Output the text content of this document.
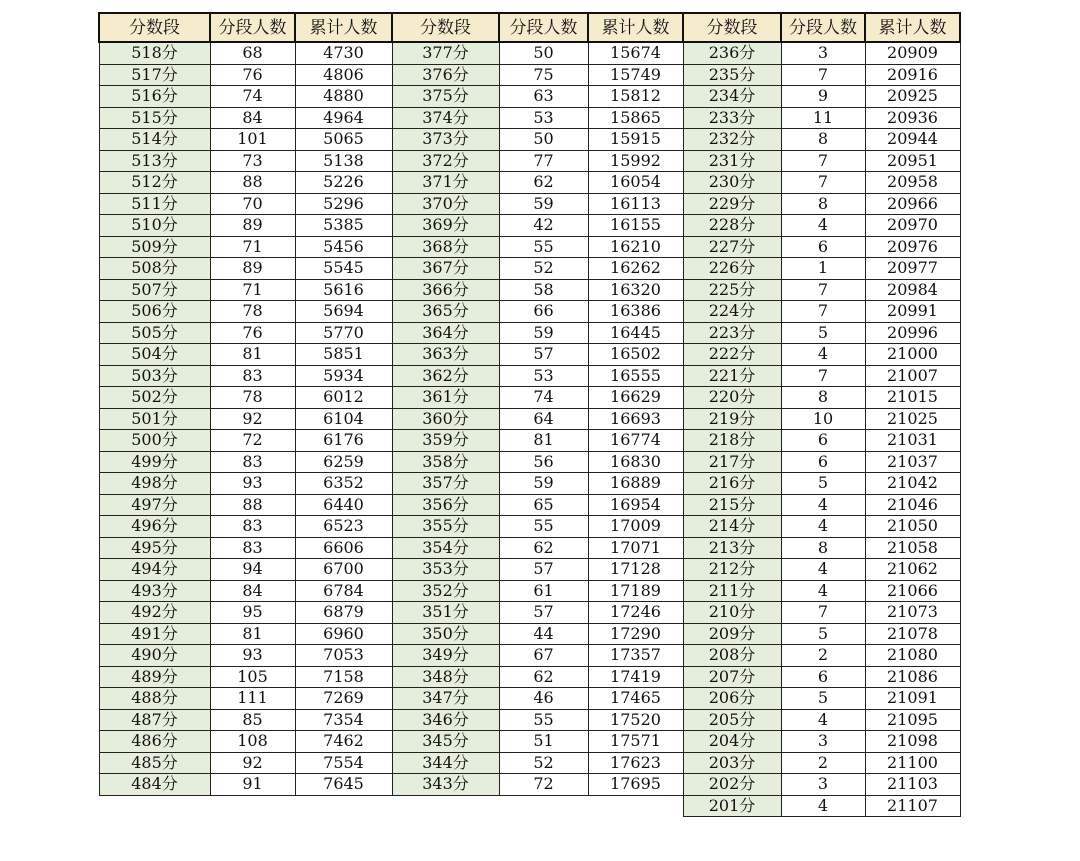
分数段	分段人数	累计人数	分数段	分段人数	累计人数	分数段	分段人数	累计人数
518分	68	4730	377分	50	15674	236分	3	20909
517分	76	4806	376分	75	15749	235分	7	20916
516分	74	4880	375分	63	15812	234分	9	20925
515分	84	4964	374分	53	15865	233分	11	20936
514分	101	5065	373分	50	15915	232分	8	20944
513分	73	5138	372分	77	15992	231分	7	20951
512分	88	5226	371分	62	16054	230分	7	20958
511分	70	5296	370分	59	16113	229分	8	20966
510分	89	5385	369分	42	16155	228分	4	20970
509分	71	5456	368分	55	16210	227分	6	20976
508分	89	5545	367分	52	16262	226分	1	20977
507分	71	5616	366分	58	16320	225分	7	20984
506分	78	5694	365分	66	16386	224分	7	20991
505分	76	5770	364分	59	16445	223分	5	20996
504分	81	5851	363分	57	16502	222分	4	21000
503分	83	5934	362分	53	16555	221分	7	21007
502分	78	6012	361分	74	16629	220分	8	21015
501分	92	6104	360分	64	16693	219分	10	21025
500分	72	6176	359分	81	16774	218分	6	21031
499分	83	6259	358分	56	16830	217分	6	21037
498分	93	6352	357分	59	16889	216分	5	21042
497分	88	6440	356分	65	16954	215分	4	21046
496分	83	6523	355分	55	17009	214分	4	21050
495分	83	6606	354分	62	17071	213分	8	21058
494分	94	6700	353分	57	17128	212分	4	21062
493分	84	6784	352分	61	17189	211分	4	21066
492分	95	6879	351分	57	17246	210分	7	21073
491分	81	6960	350分	44	17290	209分	5	21078
490分	93	7053	349分	67	17357	208分	2	21080
489分	105	7158	348分	62	17419	207分	6	21086
488分	111	7269	347分	46	17465	206分	5	21091
487分	85	7354	346分	55	17520	205分	4	21095
486分	108	7462	345分	51	17571	204分	3	21098
485分	92	7554	344分	52	17623	203分	2	21100
484分	91	7645	343分	72	17695	202分	3	21103
						201分	4	21107
